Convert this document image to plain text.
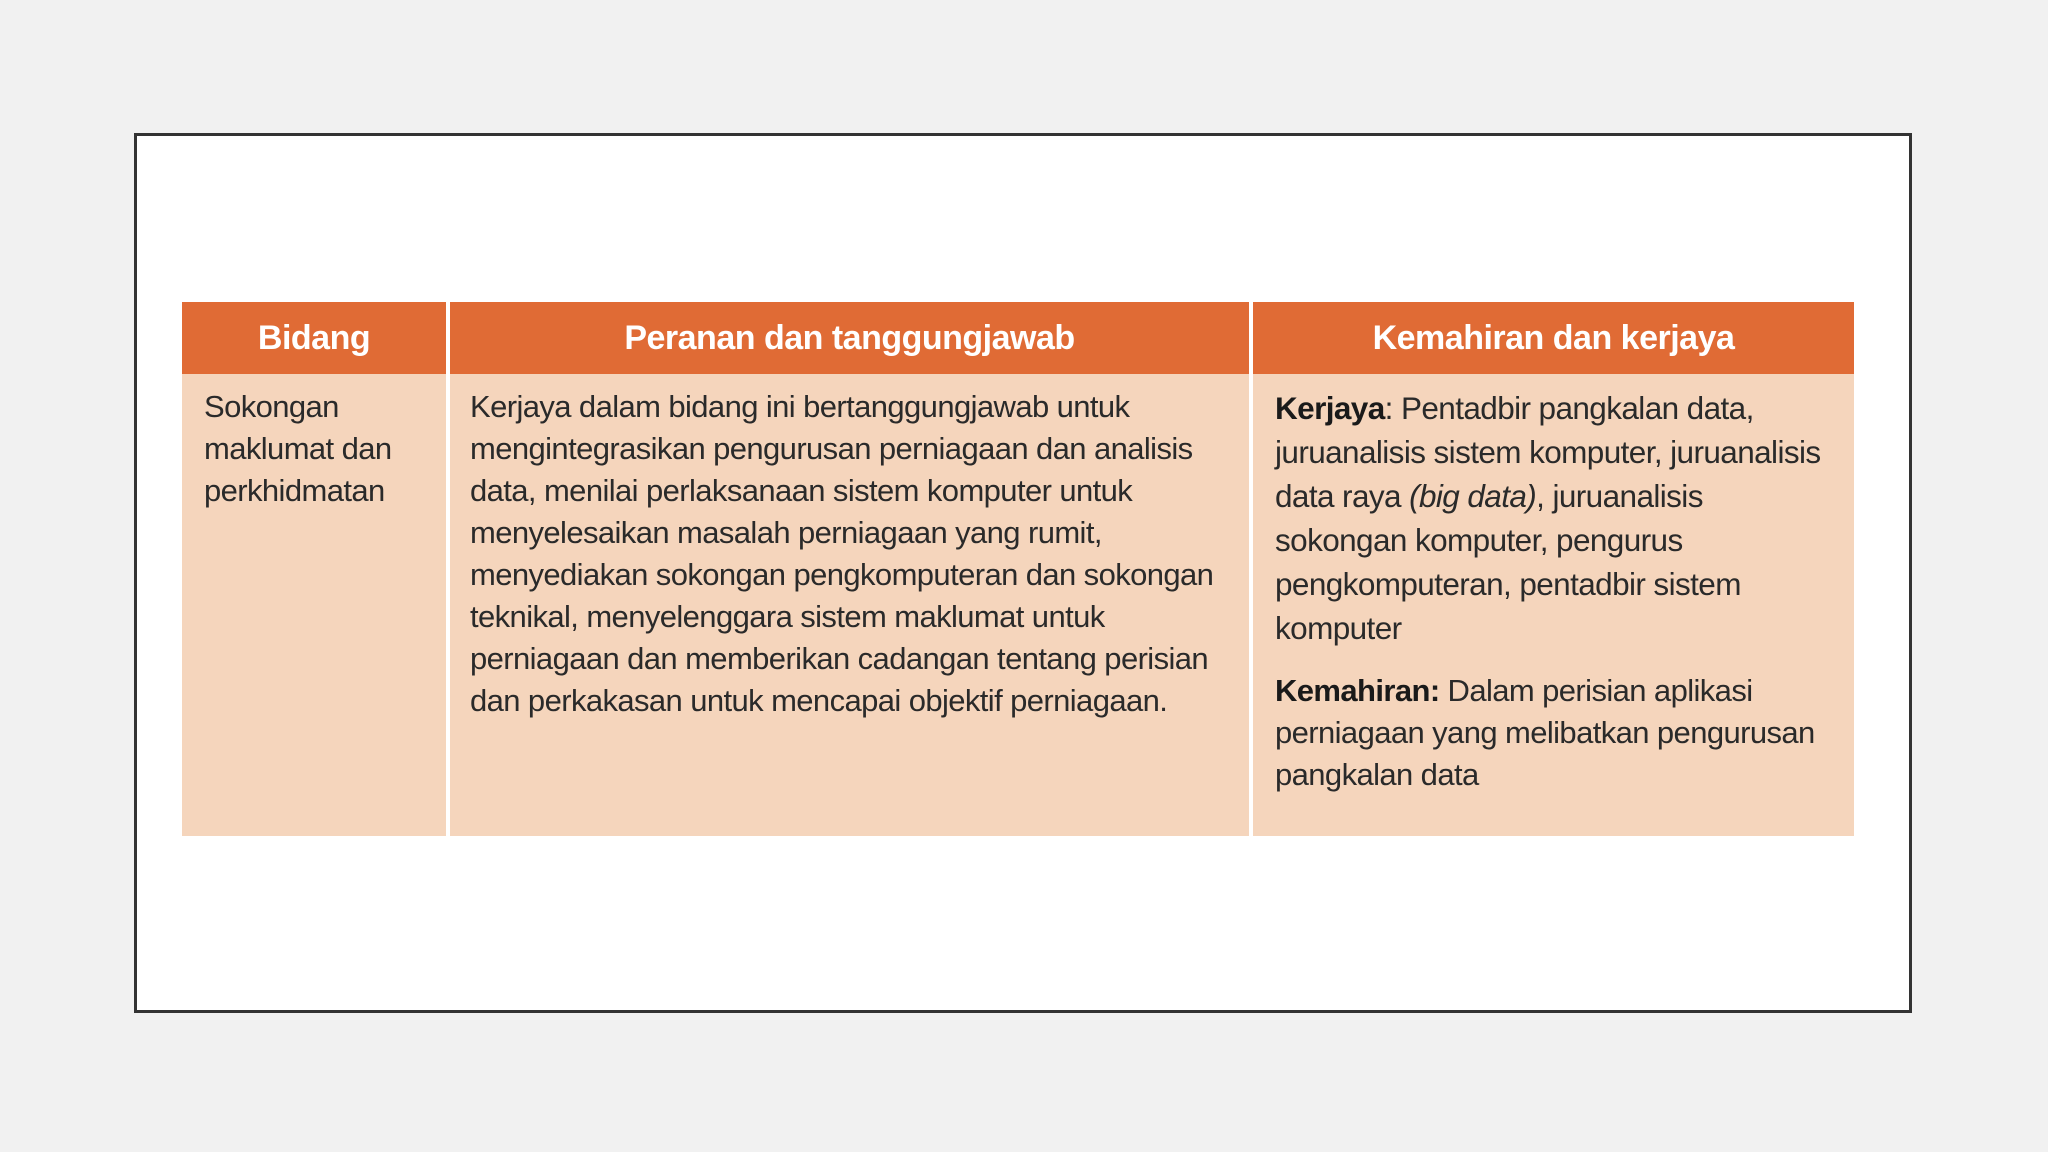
Bidang	Peranan dan tanggungjawab	Kemahiran dan kerjaya
Sokongan maklumat dan perkhidmatan
Kerjaya dalam bidang ini bertanggungjawab untuk mengintegrasikan pengurusan perniagaan dan analisis data, menilai perlaksanaan sistem komputer untuk menyelesaikan masalah perniagaan yang rumit, menyediakan sokongan pengkomputeran dan sokongan teknikal, menyelenggara sistem maklumat untuk perniagaan dan memberikan cadangan tentang perisian dan perkakasan untuk mencapai objektif perniagaan.
Kerjaya: Pentadbir pangkalan data, juruanalisis sistem komputer, juruanalisis data raya (big data), juruanalisis sokongan komputer, pengurus pengkomputeran, pentadbir sistem komputer
Kemahiran: Dalam perisian aplikasi perniagaan yang melibatkan pengurusan pangkalan data
